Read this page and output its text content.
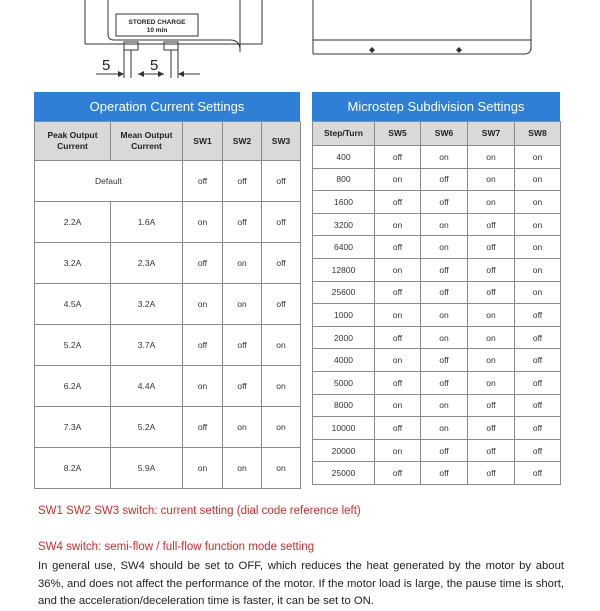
STORED CHARGE
10 min
5	5
Operation Current Settings
Peak Output Current	Mean Output Current	SW1	SW2	SW3
Default		off	off	off
2.2A	1.6A	on	off	off
3.2A	2.3A	off	on	off
4.5A	3.2A	on	on	off
5.2A	3.7A	off	off	on
6.2A	4.4A	on	off	on
7.3A	5.2A	off	on	on
8.2A	5.9A	on	on	on
Microstep Subdivision Settings
Step/Turn	SW5	SW6	SW7	SW8
400	off	on	on	on
800	on	off	on	on
1600	off	off	on	on
3200	on	on	off	on
6400	off	on	off	on
12800	on	off	off	on
25600	off	off	off	on
1000	on	on	on	off
2000	off	on	on	off
4000	on	off	on	off
5000	off	off	on	off
8000	on	on	off	off
10000	off	on	off	off
20000	on	off	off	off
25000	off	off	off	off
SW1 SW2 SW3 switch: current setting (dial code reference left)
SW4 switch: semi-flow / full-flow function mode setting
In general use, SW4 should be set to OFF, which reduces the heat generated by the motor by about 36%, and does not affect the performance of the motor. If the motor load is large, the pause time is short, and the acceleration/deceleration time is faster, it can be set to ON.
